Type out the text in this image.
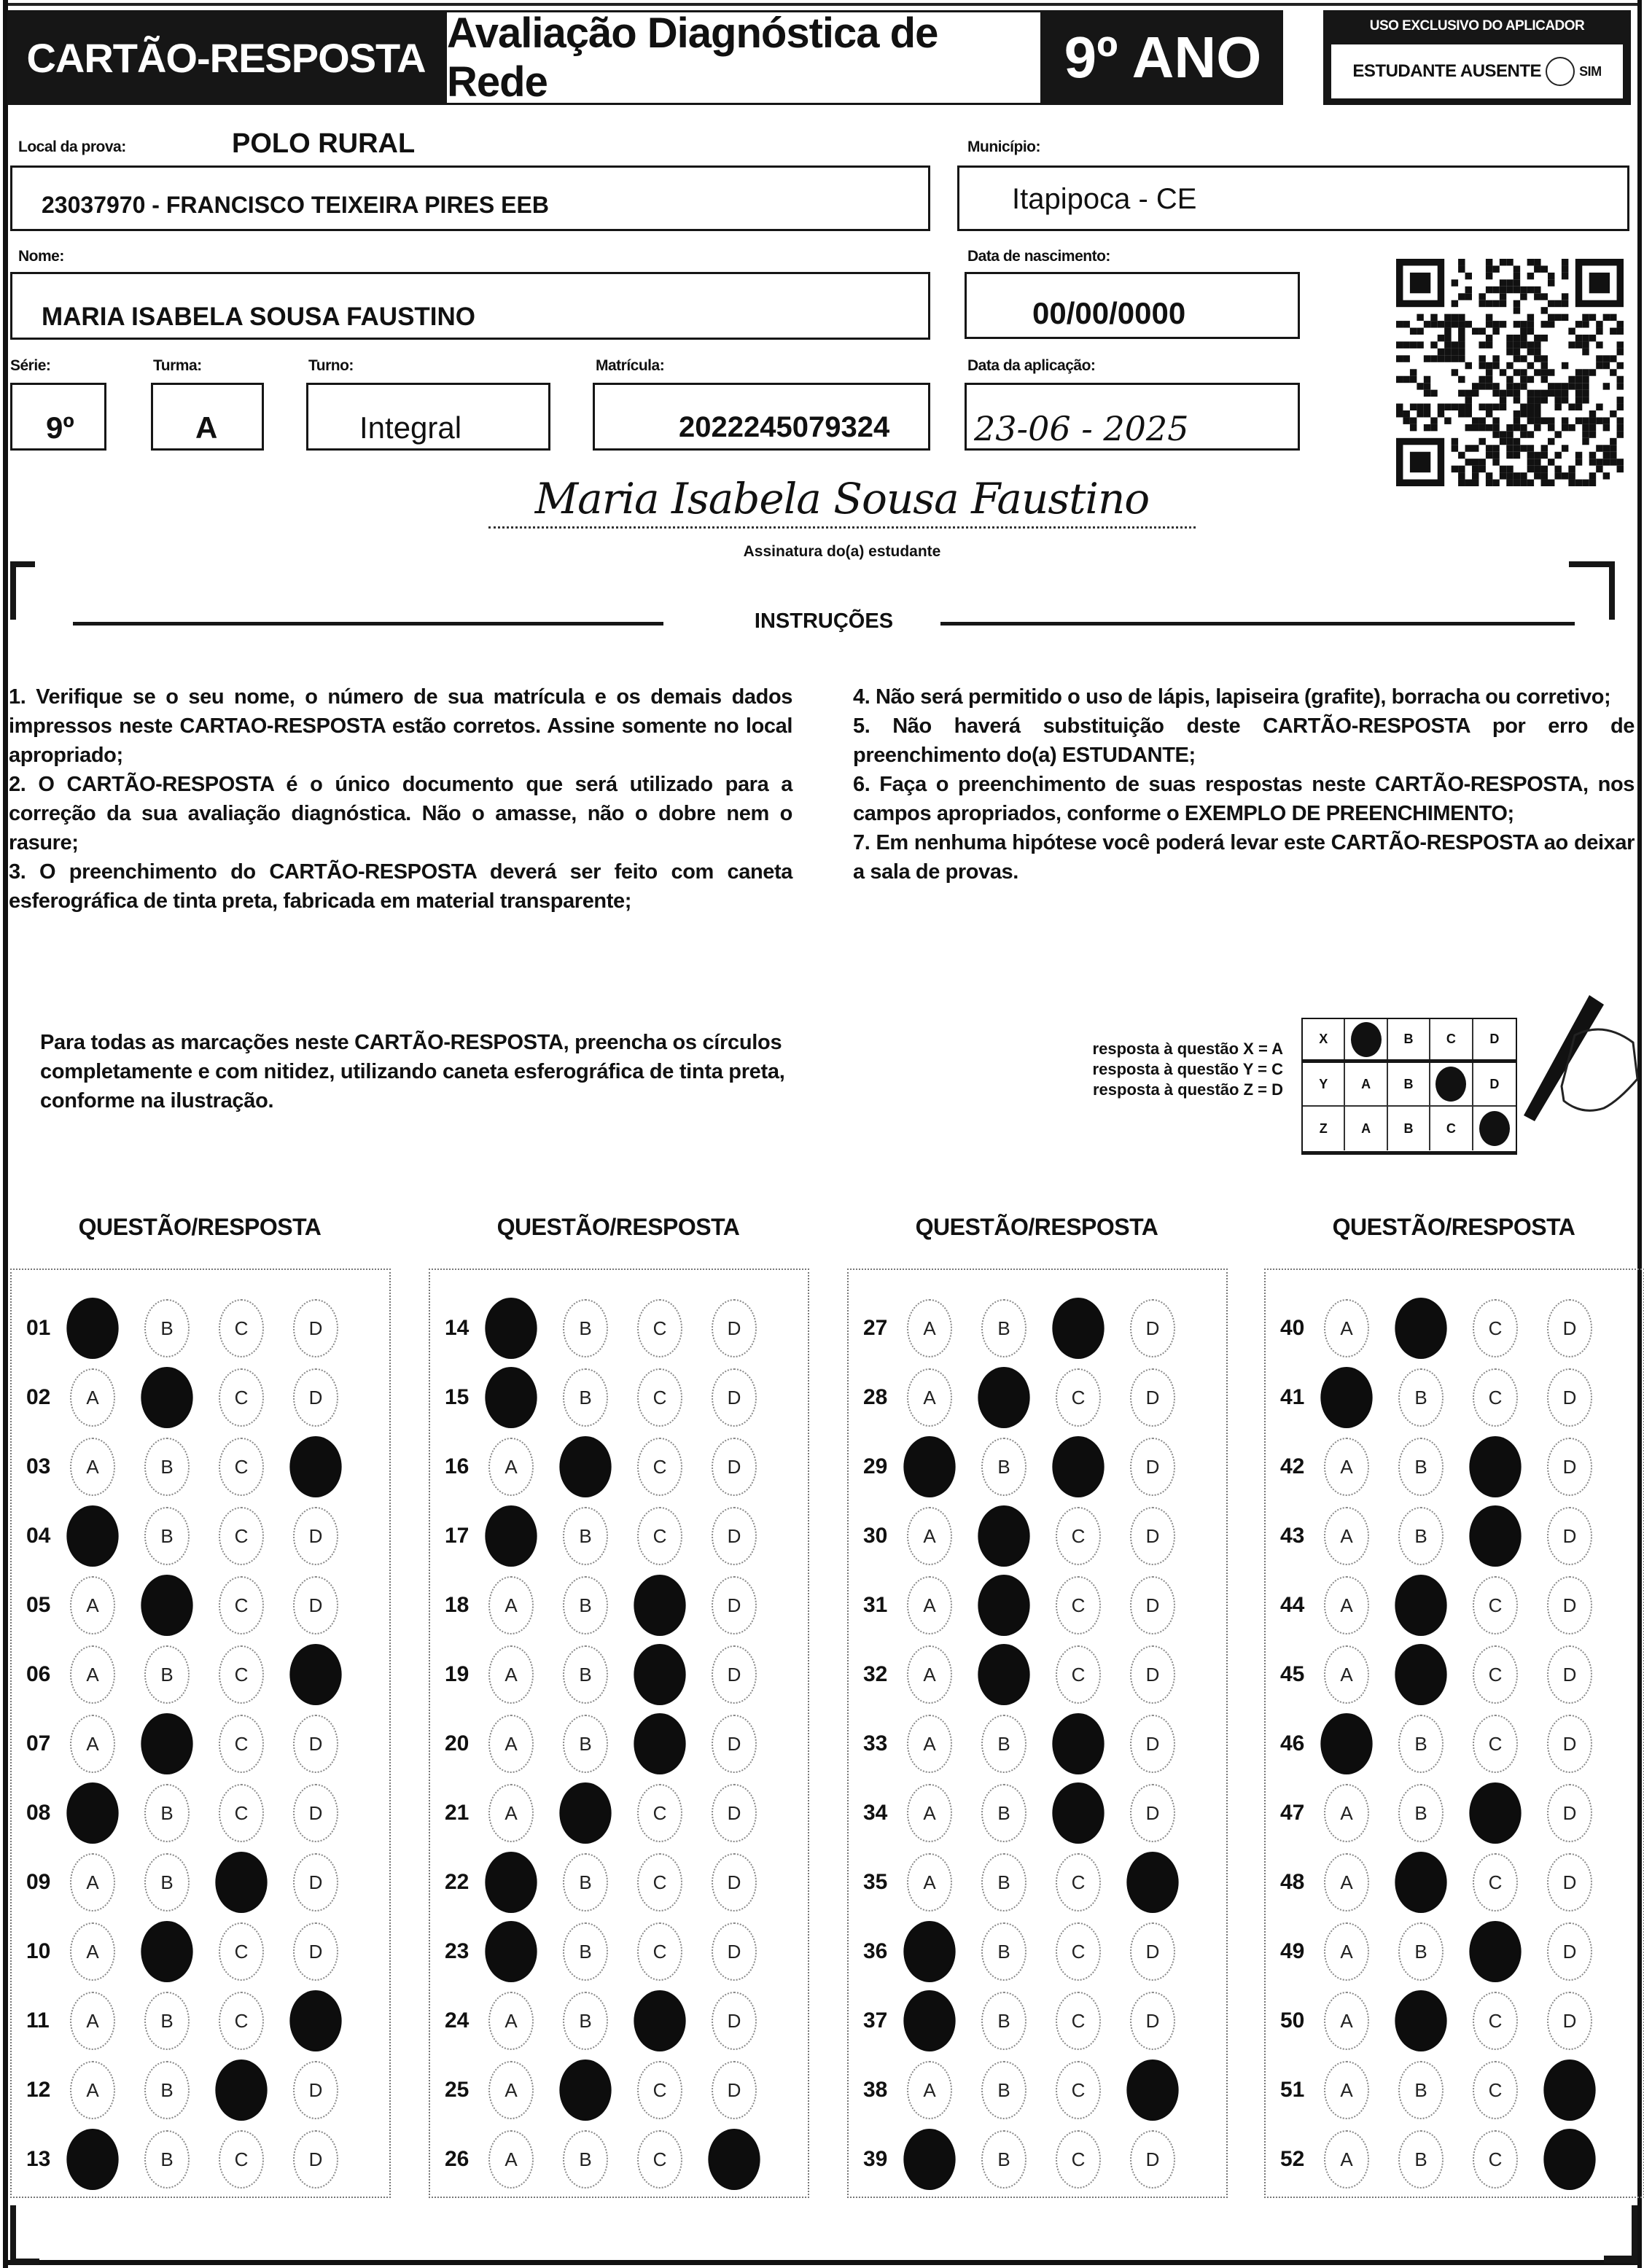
CARTÃO-RESPOSTA
Avaliação Diagnóstica de Rede	9º ANO	USO EXCLUSIVO DO APLICADOR
ESTUDANTE AUSENTE	SIM
Local da prova:	POLO RURAL
23037970 - FRANCISCO TEIXEIRA PIRES EEB
Município:
Itapipoca - CE
Nome:
MARIA ISABELA SOUSA FAUSTINO
Data de nascimento:
00/00/0000
Série:
9º
Turma:
A
Turno:
Integral
Matrícula:
2022245079324
Data da aplicação:
23-06 - 2025
Maria Isabela Sousa Faustino
Assinatura do(a) estudante
INSTRUÇÕES

1. Verifique se o seu nome, o número de sua matrícula e os demais dados impressos neste CARTAO-RESPOSTA estão corretos. Assine somente no local apropriado;

2. O CARTÃO-RESPOSTA é o único documento que será utilizado para a correção da sua avaliação diagnóstica. Não o amasse, não o dobre nem o rasure;

3. O preenchimento do CARTÃO-RESPOSTA deverá ser feito com caneta esferográfica de tinta preta, fabricada em material transparente;

4. Não será permitido o uso de lápis, lapiseira (grafite), borracha ou corretivo;

5. Não haverá substituição deste CARTÃO-RESPOSTA por erro de preenchimento do(a) ESTUDANTE;

6. Faça o preenchimento de suas respostas neste CARTÃO-RESPOSTA, nos campos apropriados, conforme o EXEMPLO DE PREENCHIMENTO;

7. Em nenhuma hipótese você poderá levar este CARTÃO-RESPOSTA ao deixar a sala de provas.

Para todas as marcações neste CARTÃO-RESPOSTA, preencha os círculos completamente e com nitidez, utilizando caneta esferográfica de tinta preta, conforme na ilustração.
resposta à questão X = A
resposta à questão Y = C
resposta à questão Z = D
X	B	C	D
Y	A	B	D
Z	A	B	C
QUESTÃO/RESPOSTA
01	B	C	D
02	A	C	D
03	A	B	C
04	B	C	D
05	A	C	D
06	A	B	C
07	A	C	D
08	B	C	D
09	A	B	D
10	A	C	D
11	A	B	C
12	A	B	D
13	B	C	D
QUESTÃO/RESPOSTA
14	B	C	D
15	B	C	D
16	A	C	D
17	B	C	D
18	A	B	D
19	A	B	D
20	A	B	D
21	A	C	D
22	B	C	D
23	B	C	D
24	A	B	D
25	A	C	D
26	A	B	C
QUESTÃO/RESPOSTA
27	A	B	D
28	A	C	D
29	B	D
30	A	C	D
31	A	C	D
32	A	C	D
33	A	B	D
34	A	B	D
35	A	B	C
36	B	C	D
37	B	C	D
38	A	B	C
39	B	C	D
QUESTÃO/RESPOSTA
40	A	C	D
41	B	C	D
42	A	B	D
43	A	B	D
44	A	C	D
45	A	C	D
46	B	C	D
47	A	B	D
48	A	C	D
49	A	B	D
50	A	C	D
51	A	B	C
52	A	B	C
